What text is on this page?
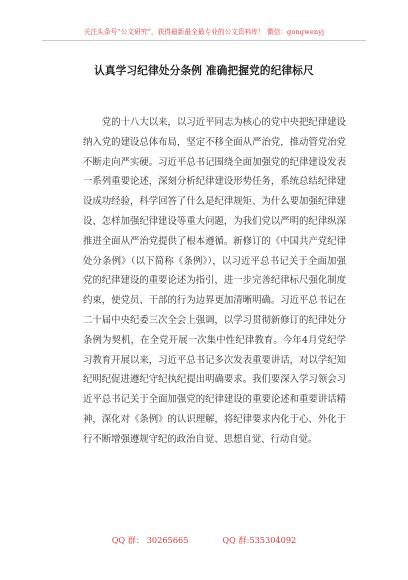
关注头条号“公文研究”，获得最新最全最专业的公文资料库！ 微信：gongwenyj
认真学习纪律处分条例 准确把握党的纪律标尺

党的十八大以来，以习近平同志为核心的党中央把纪律建设纳入党的建设总体布局，坚定不移全面从严治党，推动管党治党不断走向严实硬。习近平总书记围绕全面加强党的纪律建设发表一系列重要论述，深刻分析纪律建设形势任务，系统总结纪律建设成功经验，科学回答了什么是纪律规矩、为什么要加强纪律建设、怎样加强纪律建设等重大问题，为我们党以严明的纪律纵深推进全面从严治党提供了根本遵循。新修订的《中国共产党纪律处分条例》（以下简称《条例》），以习近平总书记关于全面加强党的纪律建设的重要论述为指引，进一步完善纪律标尺强化制度约束，使党员、干部的行为边界更加清晰明确。习近平总书记在二十届中央纪委三次全会上强调，以学习贯彻新修订的纪律处分条例为契机，在全党开展一次集中性纪律教育。今年4月党纪学习教育开展以来，习近平总书记多次发表重要讲话，对以学纪知纪明纪促进遵纪守纪执纪提出明确要求。我们要深入学习领会习近平总书记关于全面加强党的纪律建设的重要论述和重要讲话精神，深化对《条例》的认识理解，将纪律要求内化于心、外化于行不断增强遵规守纪的政治自觉、思想自觉、行动自觉。

QQ 群： 30265665	QQ 群:535304092
